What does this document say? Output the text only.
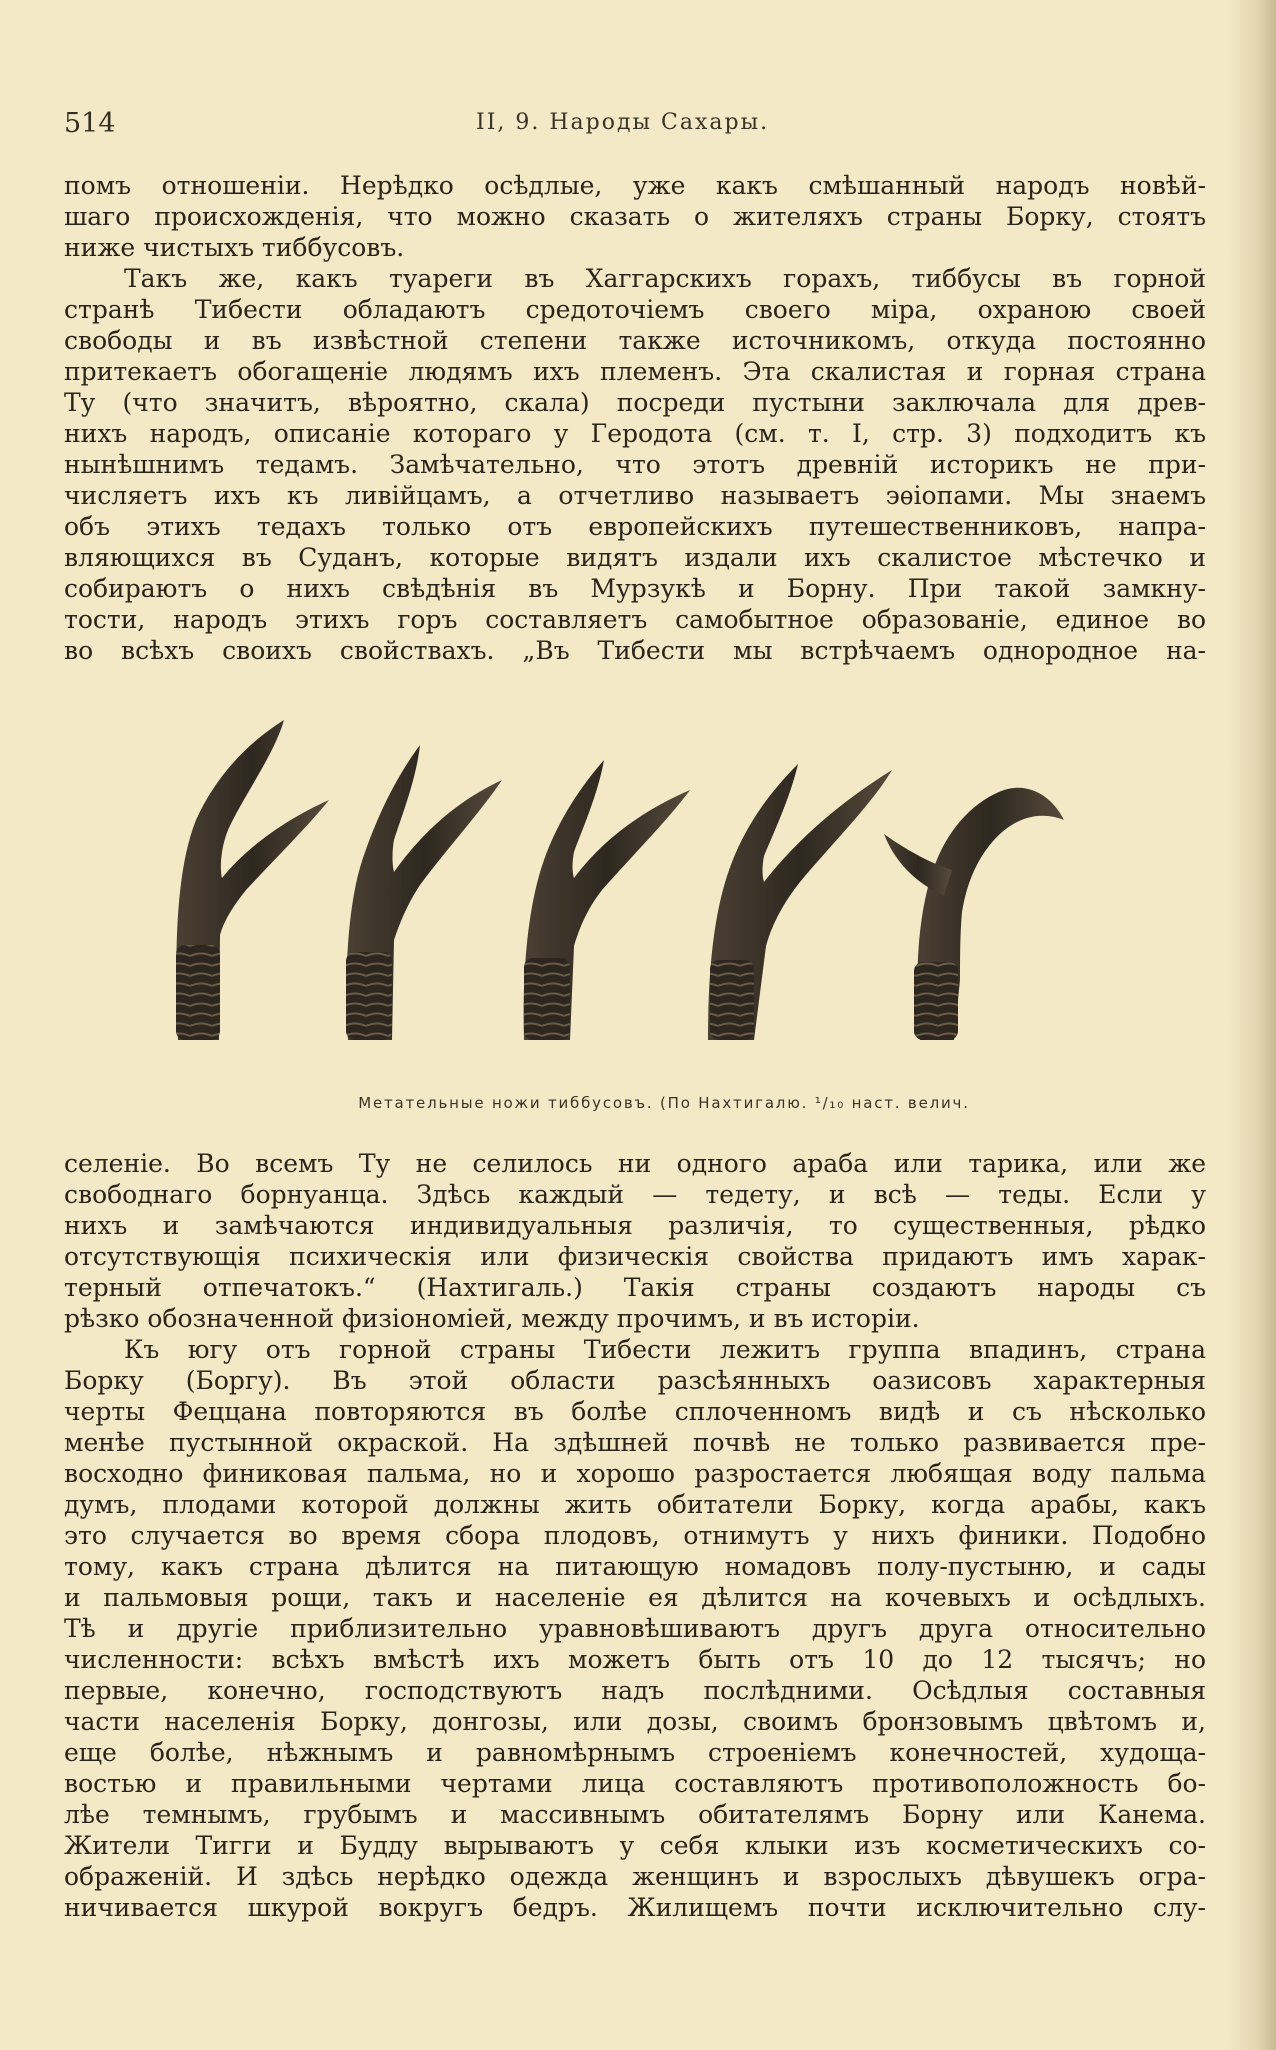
514	II, 9. Народы Сахары.
помъ отношенiи. Нерѣдко осѣдлые, уже какъ смѣшанный народъ новѣй-
шаго происхожденiя, что можно сказать о жителяхъ страны Борку, стоятъ
ниже чистыхъ тиббусовъ.
Такъ же, какъ туареги въ Хаггарскихъ горахъ, тиббусы въ горной
странѣ Тибести обладаютъ средоточiемъ своего мiра, охраною своей
свободы и въ извѣстной степени также источникомъ, откуда постоянно
притекаетъ обогащенiе людямъ ихъ племенъ. Эта скалистая и горная страна
Ту (что значитъ, вѣроятно, скала) посреди пустыни заключала для древ-
нихъ народъ, описанiе котораго у Геродота (см. т. I, стр. 3) подходитъ къ
нынѣшнимъ тедамъ. Замѣчательно, что этотъ древнiй историкъ не при-
числяетъ ихъ къ ливiйцамъ, а отчетливо называетъ эѳiопами. Мы знаемъ
объ этихъ тедахъ только отъ европейскихъ путешественниковъ, напра-
вляющихся въ Суданъ, которые видятъ издали ихъ скалистое мѣстечко и
собираютъ о нихъ свѣдѣнiя въ Мурзукѣ и Борну. При такой замкну-
тости, народъ этихъ горъ составляетъ самобытное образованiе, единое во
во всѣхъ своихъ свойствахъ. „Въ Тибести мы встрѣчаемъ однородное на-
Метательные ножи тиббусовъ. (По Нахтигалю. ¹/₁₀ наст. велич.
селенiе. Во всемъ Ту не селилось ни одного араба или тарика, или же
свободнаго борнуанца. Здѣсь каждый — тедету, и всѣ — теды. Если у
нихъ и замѣчаются индивидуальныя различiя, то существенныя, рѣдко
отсутствующiя психическiя или физическiя свойства придаютъ имъ харак-
терный отпечатокъ.“ (Нахтигаль.) Такiя страны создаютъ народы съ
рѣзко обозначенной физiономiей, между прочимъ, и въ исторiи.
Къ югу отъ горной страны Тибести лежитъ группа впадинъ, страна
Борку (Боргу). Въ этой области разсѣянныхъ оазисовъ характерныя
черты Феццана повторяются въ болѣе сплоченномъ видѣ и съ нѣсколько
менѣе пустынной окраской. На здѣшней почвѣ не только развивается пре-
восходно финиковая пальма, но и хорошо разростается любящая воду пальма
думъ, плодами которой должны жить обитатели Борку, когда арабы, какъ
это случается во время сбора плодовъ, отнимутъ у нихъ финики. Подобно
тому, какъ страна дѣлится на питающую номадовъ полу-пустыню, и сады
и пальмовыя рощи, такъ и населенiе ея дѣлится на кочевыхъ и осѣдлыхъ.
Тѣ и другiе приблизительно уравновѣшиваютъ другъ друга относительно
численности: всѣхъ вмѣстѣ ихъ можетъ быть отъ 10 до 12 тысячъ; но
первые, конечно, господствуютъ надъ послѣдними. Осѣдлыя составныя
части населенiя Борку, донгозы, или дозы, своимъ бронзовымъ цвѣтомъ и,
еще болѣе, нѣжнымъ и равномѣрнымъ строенiемъ конечностей, худоща-
востью и правильными чертами лица составляютъ противоположность бо-
лѣе темнымъ, грубымъ и массивнымъ обитателямъ Борну или Канема.
Жители Тигги и Будду вырываютъ у себя клыки изъ косметическихъ со-
ображенiй. И здѣсь нерѣдко одежда женщинъ и взрослыхъ дѣвушекъ огра-
ничивается шкурой вокругъ бедръ. Жилищемъ почти исключительно слу-
